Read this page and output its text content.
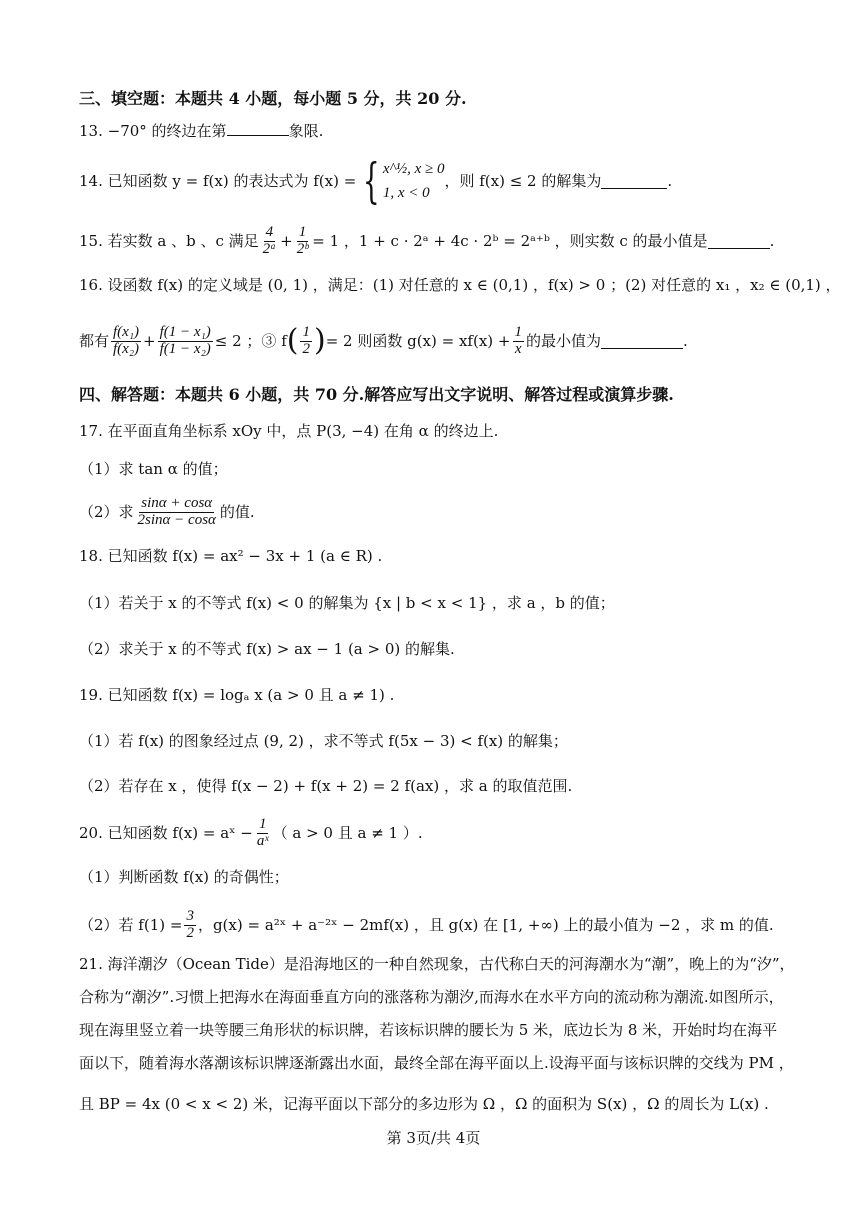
三、填空题：本题共 4 小题，每小题 5 分，共 20 分.
13. −70° 的终边在第	象限.
14. 已知函数 y = f(x) 的表达式为 f(x) = { x^½, x ≥ 0
1, x < 0
，则 f(x) ≤ 2 的解集为	.
15. 若实数 a 、b 、c 满足 $\frac{4}{\text{2ᵃ}} + \frac{1}{\text{2ᵇ}} = 1$ ，1 + c · 2ᵃ + 4c · 2ᵇ = 2ᵃ⁺ᵇ ，则实数 c 的最小值是	.
16. 设函数 f(x) 的定义域是 (0, 1) ，满足：(1) 对任意的 x ∈ (0,1) ，f(x) > 0 ；(2) 对任意的 x₁ ，x₂ ∈ (0,1) ，
都有 $\frac{\text{f(x₁)}}{\text{f(x₂)}} + \frac{\text{f(1 − x₁)}}{\text{f(1 − x₂)}} \le 2$ ；③ f ( $\frac{1}{2}$ ) = 2 则函数 $g(x) = xf(x) + \frac{1}{x}$ 的最小值为	.
四、解答题：本题共 6 小题，共 70 分.解答应写出文字说明、解答过程或演算步骤.
17. 在平面直角坐标系 xOy 中，点 P(3, −4) 在角 α 的终边上.
（1）求 tan α 的值；
（2）求 $\frac{\sin\alpha + \cos\alpha}{2\sin\alpha - \cos\alpha}$ 的值.
18. 已知函数 f(x) = ax² − 3x + 1 (a ∈ R) .
（1）若关于 x 的不等式 f(x) < 0 的解集为 {x | b < x < 1} ，求 a ，b 的值；
（2）求关于 x 的不等式 f(x) > ax − 1 (a > 0) 的解集.
19. 已知函数 f(x) = logₐ x (a > 0 且 a ≠ 1) .
（1）若 f(x) 的图象经过点 (9, 2) ，求不等式 f(5x − 3) < f(x) 的解集；
（2）若存在 x ，使得 f(x − 2) + f(x + 2) = 2 f(ax) ，求 a 的取值范围.
20. 已知函数 f(x) = aˣ − $\frac{1}{\text{aˣ}}$ （ a > 0 且 a ≠ 1 ）.
（1）判断函数 f(x) 的奇偶性；
（2）若 $f(1) = \frac{3}{2}$ ，g(x) = a²ˣ + a⁻²ˣ − 2mf(x) ，且 g(x) 在 [1, +∞) 上的最小值为 −2 ，求 m 的值.
21. 海洋潮汐（Ocean Tide）是沿海地区的一种自然现象，古代称白天的河海潮水为“潮”，晚上的为“汐”，
合称为“潮汐”.习惯上把海水在海面垂直方向的涨落称为潮汐,而海水在水平方向的流动称为潮流.如图所示，
现在海里竖立着一块等腰三角形状的标识牌，若该标识牌的腰长为 5 米，底边长为 8 米，开始时均在海平
面以下，随着海水落潮该标识牌逐渐露出水面，最终全部在海平面以上.设海平面与该标识牌的交线为 PM ，
且 BP = 4x (0 < x < 2) 米，记海平面以下部分的多边形为 Ω ，Ω 的面积为 S(x) ，Ω 的周长为 L(x) .
第 3页/共 4页
